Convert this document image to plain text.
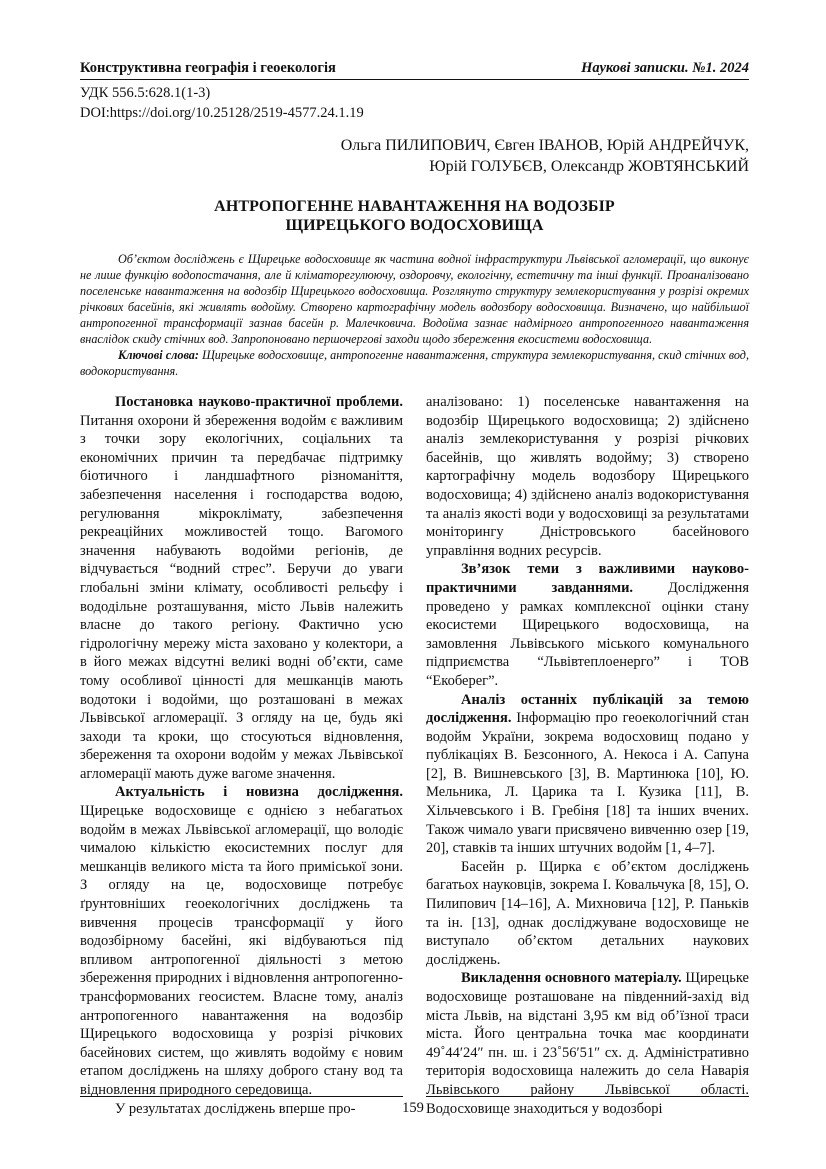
Конструктивна географія і геоекологія	Наукові записки. №1. 2024
УДК 556.5:628.1(1-3)
DOI:https://doi.org/10.25128/2519-4577.24.1.19
Ольга ПИЛИПОВИЧ, Євген ІВАНОВ, Юрій АНДРЕЙЧУК,
Юрій ГОЛУБЄВ, Олександр ЖОВТЯНСЬКИЙ
АНТРОПОГЕННЕ НАВАНТАЖЕННЯ НА ВОДОЗБІР
ЩИРЕЦЬКОГО ВОДОСХОВИЩА
Об’єктом досліджень є Щирецьке водосховище як частина водної інфраструктури Львівської агломерації, що виконує не лише функцію водопостачання, але й кліматорегулюючу, оздоровчу, екологічну, естетичну та інші функції. Проаналізовано поселенське навантаження на водозбір Щирецького водосховища. Розглянуто структуру землекористування у розрізі окремих річкових басейнів, які живлять водойму. Створено картографічну модель водозбору водосховища. Визначено, що найбільшої антропогенної трансформації зазнав басейн р. Малечковича. Водойма зазнає надмірного антропогенного навантаження внаслідок скиду стічних вод. Запропоновано першочергові заходи щодо збереження екосистеми водосховища.
Ключові слова: Щирецьке водосховище, антропогенне навантаження, структура землекористування, скид стічних вод, водокористування.

Постановка науково-практичної проблеми. Питання охорони й збереження водойм є важливим з точки зору екологічних, соціальних та економічних причин та передбачає підтримку біотичного і ландшафтного різноманіття, забезпечення населення і господарства водою, регулювання мікроклімату, забезпечення рекреаційних можливостей тощо. Вагомого значення набувають водойми регіонів, де відчувається “водний стрес”. Беручи до уваги глобальні зміни клімату, особливості рельєфу і вододільне розташування, місто Львів належить власне до такого регіону. Фактично усю гідрологічну мережу міста заховано у колектори, а в його межах відсутні великі водні об’єкти, саме тому особливої цінності для мешканців мають водотоки і водойми, що розташовані в межах Львівської агломерації. З огляду на це, будь які заходи та кроки, що стосуються відновлення, збереження та охорони водойм у межах Львівської агломерації мають дуже вагоме значення.

Актуальність і новизна дослідження. Щирецьке водосховище є однією з небагатьох водойм в межах Львівської агломерації, що володіє чималою кількістю екосистемних послуг для мешканців великого міста та його приміської зони. З огляду на це, водосховище потребує ґрунтовніших геоекологічних досліджень та вивчення процесів трансформації у його водозбірному басейні, які відбуваються під впливом антропогенної діяльності з метою збереження природних і відновлення антропогенно-трансформованих геосистем. Власне тому, аналіз антропогенного навантаження на водозбір Щирецького водосховища у розрізі річкових басейнових систем, що живлять водойму є новим етапом досліджень на шляху доброго стану вод та відновлення природного середовища.

У результатах досліджень вперше про-

аналізовано: 1) поселенське навантаження на водозбір Щирецького водосховища; 2) здійснено аналіз землекористування у розрізі річкових басейнів, що живлять водойму; 3) створено картографічну модель водозбору Щирецького водосховища; 4) здійснено аналіз водокористування та аналіз якості води у водосховищі за результатами моніторингу Дністровського басейнового управління водних ресурсів.

Зв’язок теми з важливими науково-практичними завданнями. Дослідження проведено у рамках комплексної оцінки стану екосистеми Щирецького водосховища, на замовлення Львівського міського комунального підприємства “Львівтеплоенерго” і ТОВ “Екоберег”.

Аналіз останніх публікацій за темою дослідження. Інформацію про геоекологічний стан водойм України, зокрема водосховищ подано у публікаціях В. Безсонного, А. Некоса і А. Сапуна [2], В. Вишневського [3], В. Мартинюка [10], Ю. Мельника, Л. Царика та І. Кузика [11], В. Хільчевського і В. Гребіня [18] та інших вчених. Також чимало уваги присвячено вивченню озер [19, 20], ставків та інших штучних водойм [1, 4–7].

Басейн р. Щирка є об’єктом досліджень багатьох науковців, зокрема І. Ковальчука [8, 15], О. Пилипович [14–16], А. Михновича [12], Р. Паньків та ін. [13], однак досліджуване водосховище не виступало об’єктом детальних наукових досліджень.

Викладення основного матеріалу. Щирецьке водосховище розташоване на південний-захід від міста Львів, на відстані 3,95 км від об’їзної траси міста. Його центральна точка має координати 49˚44ʹ24ʺ пн. ш. і 23˚56ʹ51ʺ сх. д. Адміністративно територія водосховища належить до села Наварія Львівського району Львівської області. Водосховище знаходиться у водозборі

159
